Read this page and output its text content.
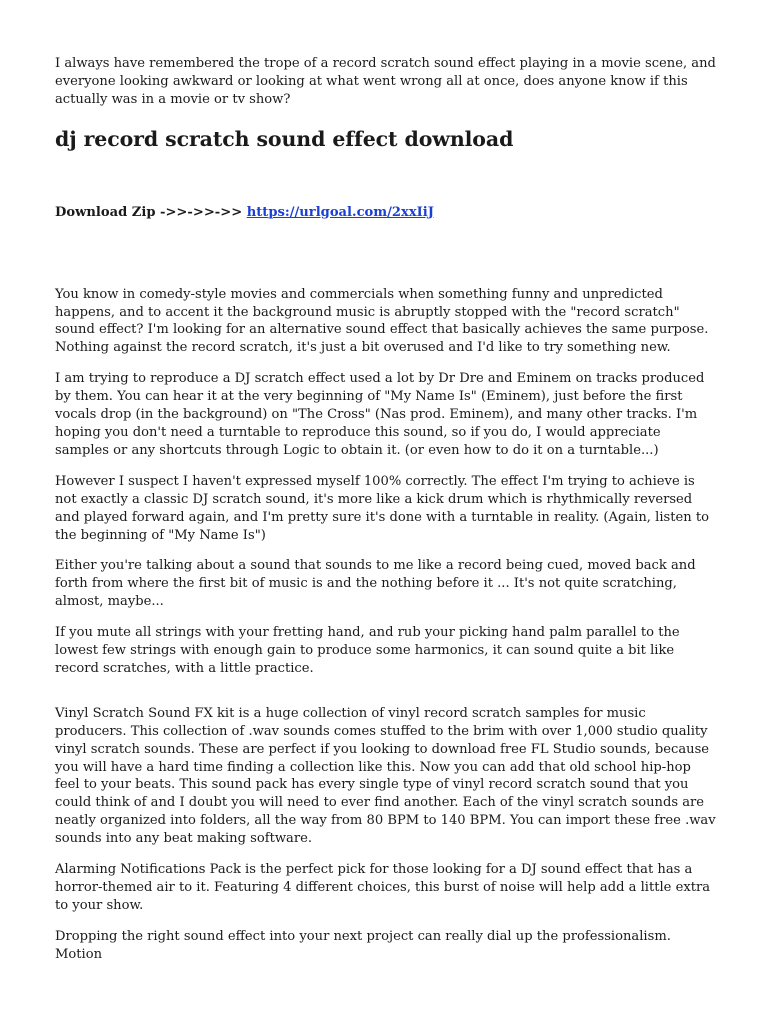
I always have remembered the trope of a record scratch sound effect playing in a movie scene, and everyone looking awkward or looking at what went wrong all at once, does anyone know if this actually was in a movie or tv show?

dj record scratch sound effect download

Download Zip ->>->>->> https://urlgoal.com/2xxIiJ

You know in comedy-style movies and commercials when something funny and unpredicted happens, and to accent it the background music is abruptly stopped with the "record scratch" sound effect? I'm looking for an alternative sound effect that basically achieves the same purpose. Nothing against the record scratch, it's just a bit overused and I'd like to try something new.

I am trying to reproduce a DJ scratch effect used a lot by Dr Dre and Eminem on tracks produced by them. You can hear it at the very beginning of "My Name Is" (Eminem), just before the first vocals drop (in the background) on "The Cross" (Nas prod. Eminem), and many other tracks. I'm hoping you don't need a turntable to reproduce this sound, so if you do, I would appreciate samples or any shortcuts through Logic to obtain it. (or even how to do it on a turntable...)

However I suspect I haven't expressed myself 100% correctly. The effect I'm trying to achieve is not exactly a classic DJ scratch sound, it's more like a kick drum which is rhythmically reversed and played forward again, and I'm pretty sure it's done with a turntable in reality. (Again, listen to the beginning of "My Name Is")

Either you're talking about a sound that sounds to me like a record being cued, moved back and forth from where the first bit of music is and the nothing before it ... It's not quite scratching, almost, maybe...

If you mute all strings with your fretting hand, and rub your picking hand palm parallel to the lowest few strings with enough gain to produce some harmonics, it can sound quite a bit like record scratches, with a little practice.

Vinyl Scratch Sound FX kit is a huge collection of vinyl record scratch samples for music producers. This collection of .wav sounds comes stuffed to the brim with over 1,000 studio quality vinyl scratch sounds. These are perfect if you looking to download free FL Studio sounds, because you will have a hard time finding a collection like this. Now you can add that old school hip-hop feel to your beats. This sound pack has every single type of vinyl record scratch sound that you could think of and I doubt you will need to ever find another. Each of the vinyl scratch sounds are neatly organized into folders, all the way from 80 BPM to 140 BPM. You can import these free .wav sounds into any beat making software.

Alarming Notifications Pack is the perfect pick for those looking for a DJ sound effect that has a horror-themed air to it. Featuring 4 different choices, this burst of noise will help add a little extra to your show.

Dropping the right sound effect into your next project can really dial up the professionalism. Motion
